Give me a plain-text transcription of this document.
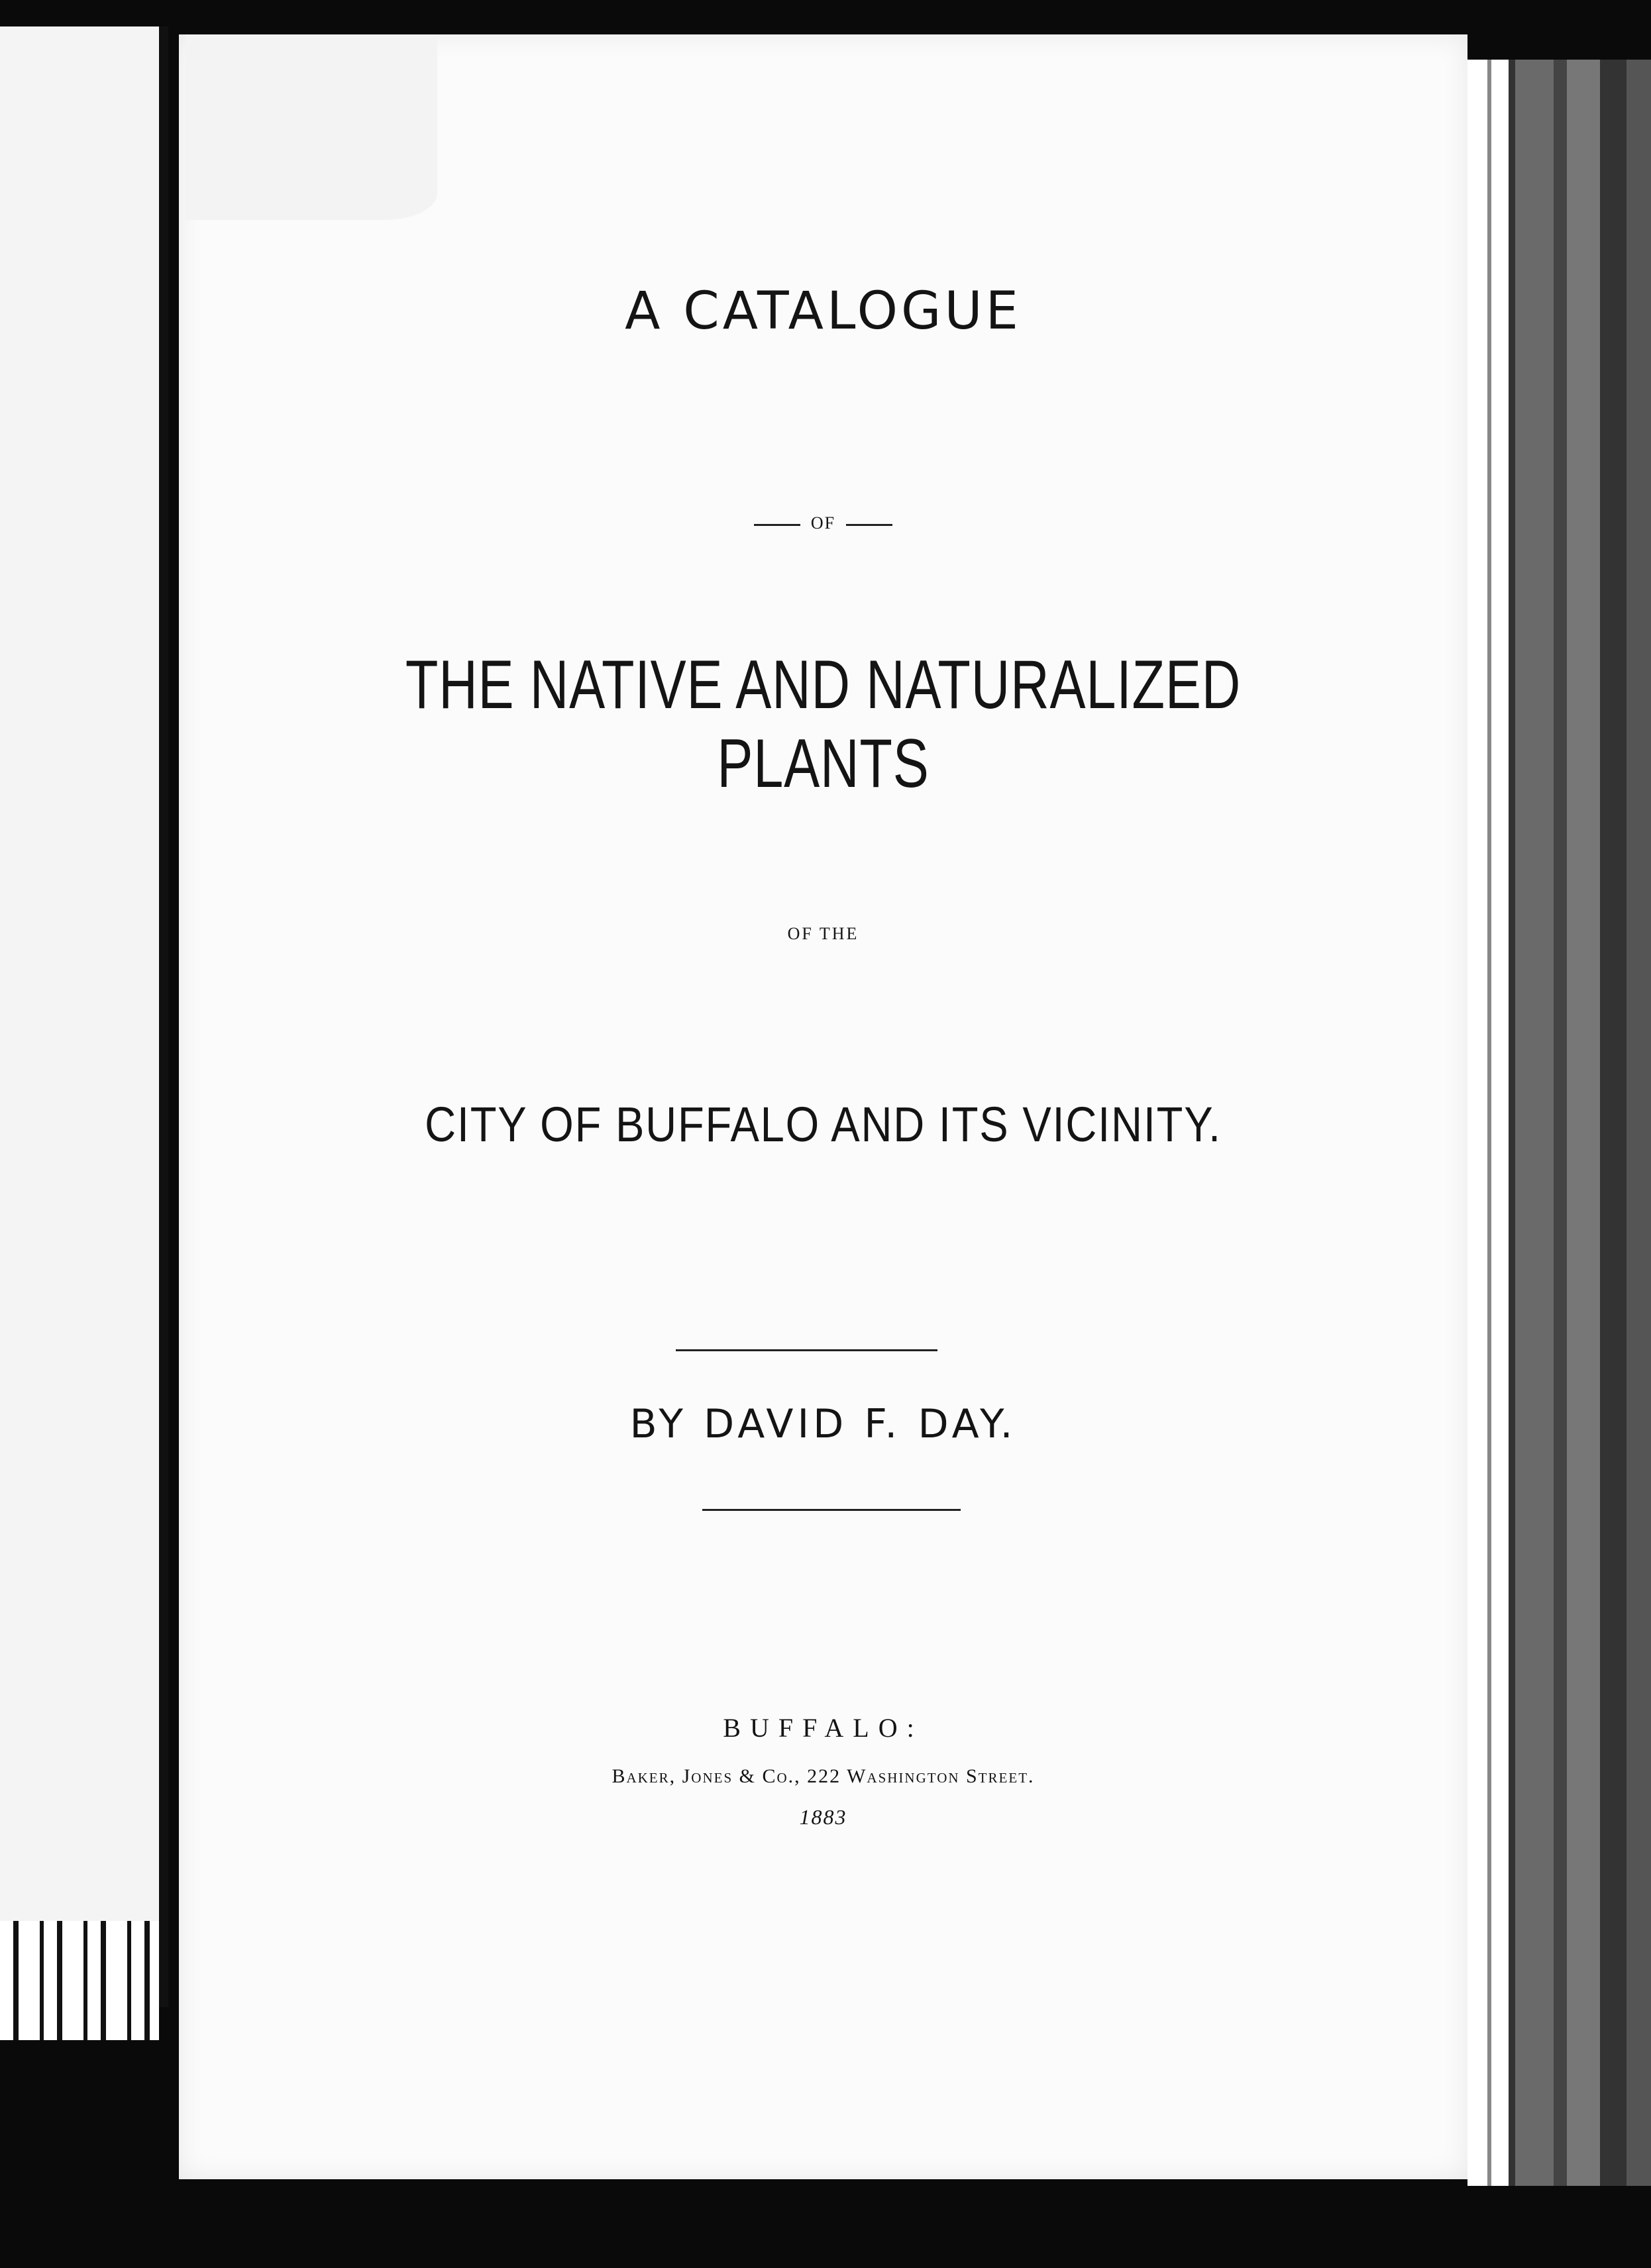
A CATALOGUE
OF
THE NATIVE AND NATURALIZED PLANTS
OF THE
CITY OF BUFFALO AND ITS VICINITY.
BY DAVID F. DAY.
BUFFALO:
Baker, Jones & Co., 222 Washington Street.
1883
